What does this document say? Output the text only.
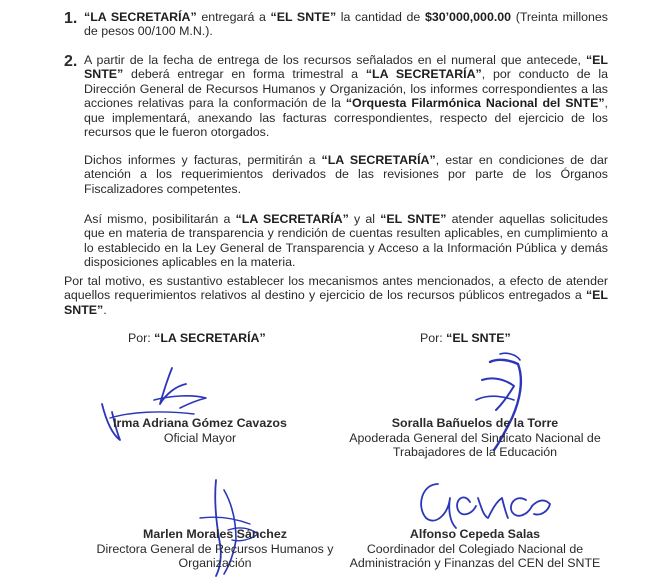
1. “LA SECRETARÍA” entregará a “EL SNTE” la cantidad de $30’000,000.00 (Treinta millones de pesos 00/100 M.N.).

2. A partir de la fecha de entrega de los recursos señalados en el numeral que antecede, “EL SNTE” deberá entregar en forma trimestral a “LA SECRETARÍA”, por conducto de la Dirección General de Recursos Humanos y Organización, los informes correspondientes a las acciones relativas para la conformación de la “Orquesta Filarmónica Nacional del SNTE”, que implementará, anexando las facturas correspondientes, respecto del ejercicio de los recursos que le fueron otorgados.

Dichos informes y facturas, permitirán a “LA SECRETARÍA”, estar en condiciones de dar atención a los requerimientos derivados de las revisiones por parte de los Órganos Fiscalizadores competentes.

Así mismo, posibilitarán a “LA SECRETARÍA” y al “EL SNTE” atender aquellas solicitudes que en materia de transparencia y rendición de cuentas resulten aplicables, en cumplimiento a lo establecido en la Ley General de Transparencia y Acceso a la Información Pública y demás disposiciones aplicables en la materia.

Por tal motivo, es sustantivo establecer los mecanismos antes mencionados, a efecto de atender aquellos requerimientos relativos al destino y ejercicio de los recursos públicos entregados a “EL SNTE”.

Por: “LA SECRETARÍA”	Por: “EL SNTE”
Irma Adriana Gómez Cavazos
Oficial Mayor
Soralla Bañuelos de la Torre
Apoderada General del Sindicato Nacional de
Trabajadores de la Educación
Marlen Morales Sánchez
Directora General de Recursos Humanos y
Organización
Alfonso Cepeda Salas
Coordinador del Colegiado Nacional de
Administración y Finanzas del CEN del SNTE
